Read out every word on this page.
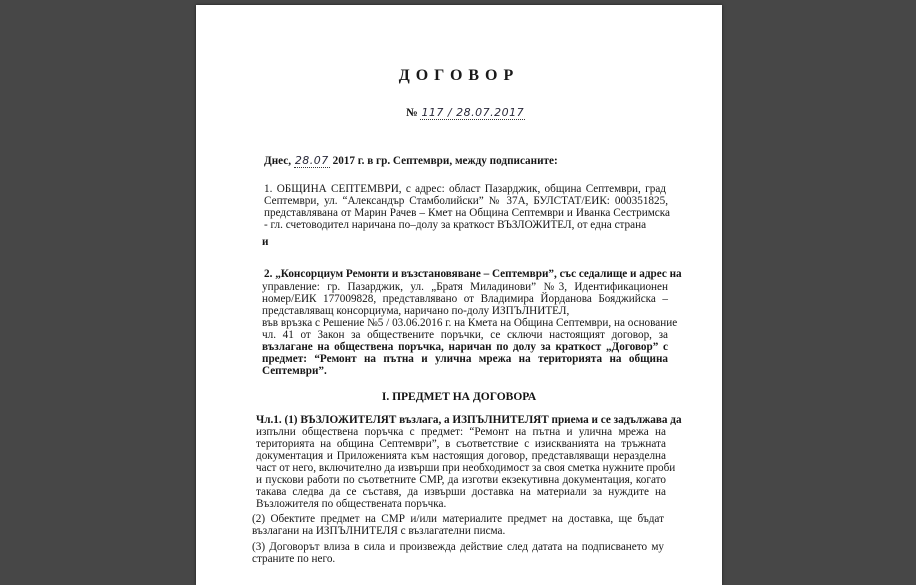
ДОГОВОР
№ 117 / 28.07.2017
Днес, 28.07 2017 г. в гр. Септември, между подписаните:
1. ОБЩИНА СЕПТЕМВРИ, с адрес: област Пазарджик, община Септември, град
Септември, ул. “Александър Стамболийски” № 37А, БУЛСТАТ/ЕИК: 000351825,
представлявана от Марин Рачев – Кмет на Община Септември и Иванка Сестримска
- гл. счетоводител наричана по–долу за краткост ВЪЗЛОЖИТЕЛ, от една страна
и
2. „Консорциум Ремонти и възстановяване – Септември”, със седалище и адрес на
управление: гр. Пазарджик, ул. „Братя Миладинови” №3, Идентификационен
номер/ЕИК 177009828, представлявано от Владимира Йорданова Бояджийска –
представляващ консорциума, наричано по-долу ИЗПЪЛНИТЕЛ,
във връзка с Решение №5 / 03.06.2016 г. на Кмета на Община Септември, на основание
чл. 41 от Закон за обществените поръчки, се сключи настоящият договор, за
възлагане на обществена поръчка, наричан по долу за краткост „Договор” с
предмет: “Ремонт на пътна и улична мрежа на територията на община
Септември”.
I. ПРЕДМЕТ НА ДОГОВОРА
Чл.1. (1) ВЪЗЛОЖИТЕЛЯТ възлага, а ИЗПЪЛНИТЕЛЯТ приема и се задължава да
изпълни обществена поръчка с предмет: “Ремонт на пътна и улична мрежа на
територията на община Септември”, в съответствие с изискванията на тръжната
документация и Приложенията към настоящия договор, представляващи неразделна
част от него, включително да извърши при необходимост за своя сметка нужните проби
и пускови работи по съответните СМР, да изготви екзекутивна документация, когато
такава следва да се съставя, да извърши доставка на материали за нуждите на
Възложителя по обществената поръчка.
(2) Обектите предмет на СМР и/или материалите предмет на доставка, ще бъдат
възлагани на ИЗПЪЛНИТЕЛЯ с възлагателни писма.
(3) Договорът влиза в сила и произвежда действие след датата на подписването му
страните по него.
